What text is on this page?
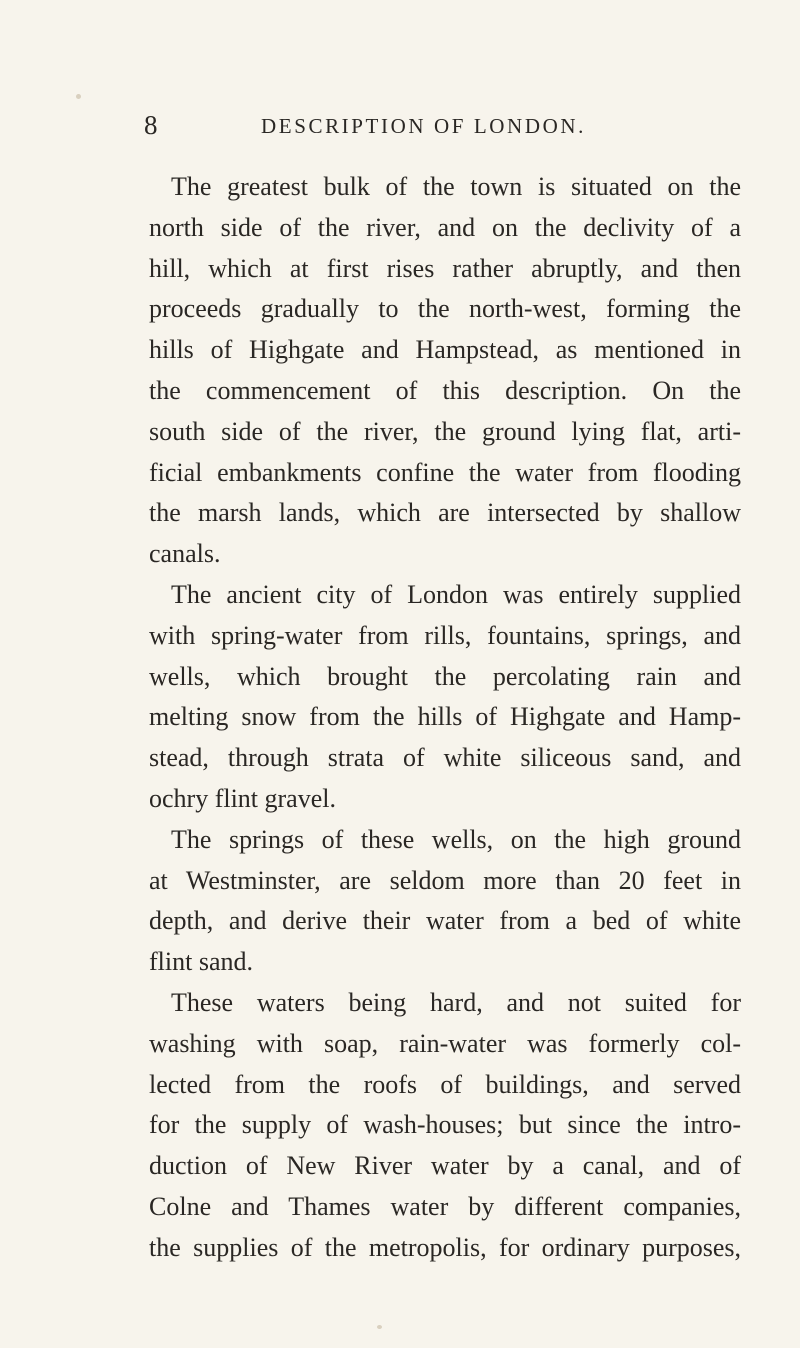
8	DESCRIPTION OF LONDON.
The greatest bulk of the town is situated on the
north side of the river, and on the declivity of a
hill, which at first rises rather abruptly, and then
proceeds gradually to the north-west, forming the
hills of Highgate and Hampstead, as mentioned in
the commencement of this description. On the
south side of the river, the ground lying flat, arti-
ficial embankments confine the water from flooding
the marsh lands, which are intersected by shallow
canals.
The ancient city of London was entirely supplied
with spring-water from rills, fountains, springs, and
wells, which brought the percolating rain and
melting snow from the hills of Highgate and Hamp-
stead, through strata of white siliceous sand, and
ochry flint gravel.
The springs of these wells, on the high ground
at Westminster, are seldom more than 20 feet in
depth, and derive their water from a bed of white
flint sand.
These waters being hard, and not suited for
washing with soap, rain-water was formerly col-
lected from the roofs of buildings, and served
for the supply of wash-houses; but since the intro-
duction of New River water by a canal, and of
Colne and Thames water by different companies,
the supplies of the metropolis, for ordinary purposes,
